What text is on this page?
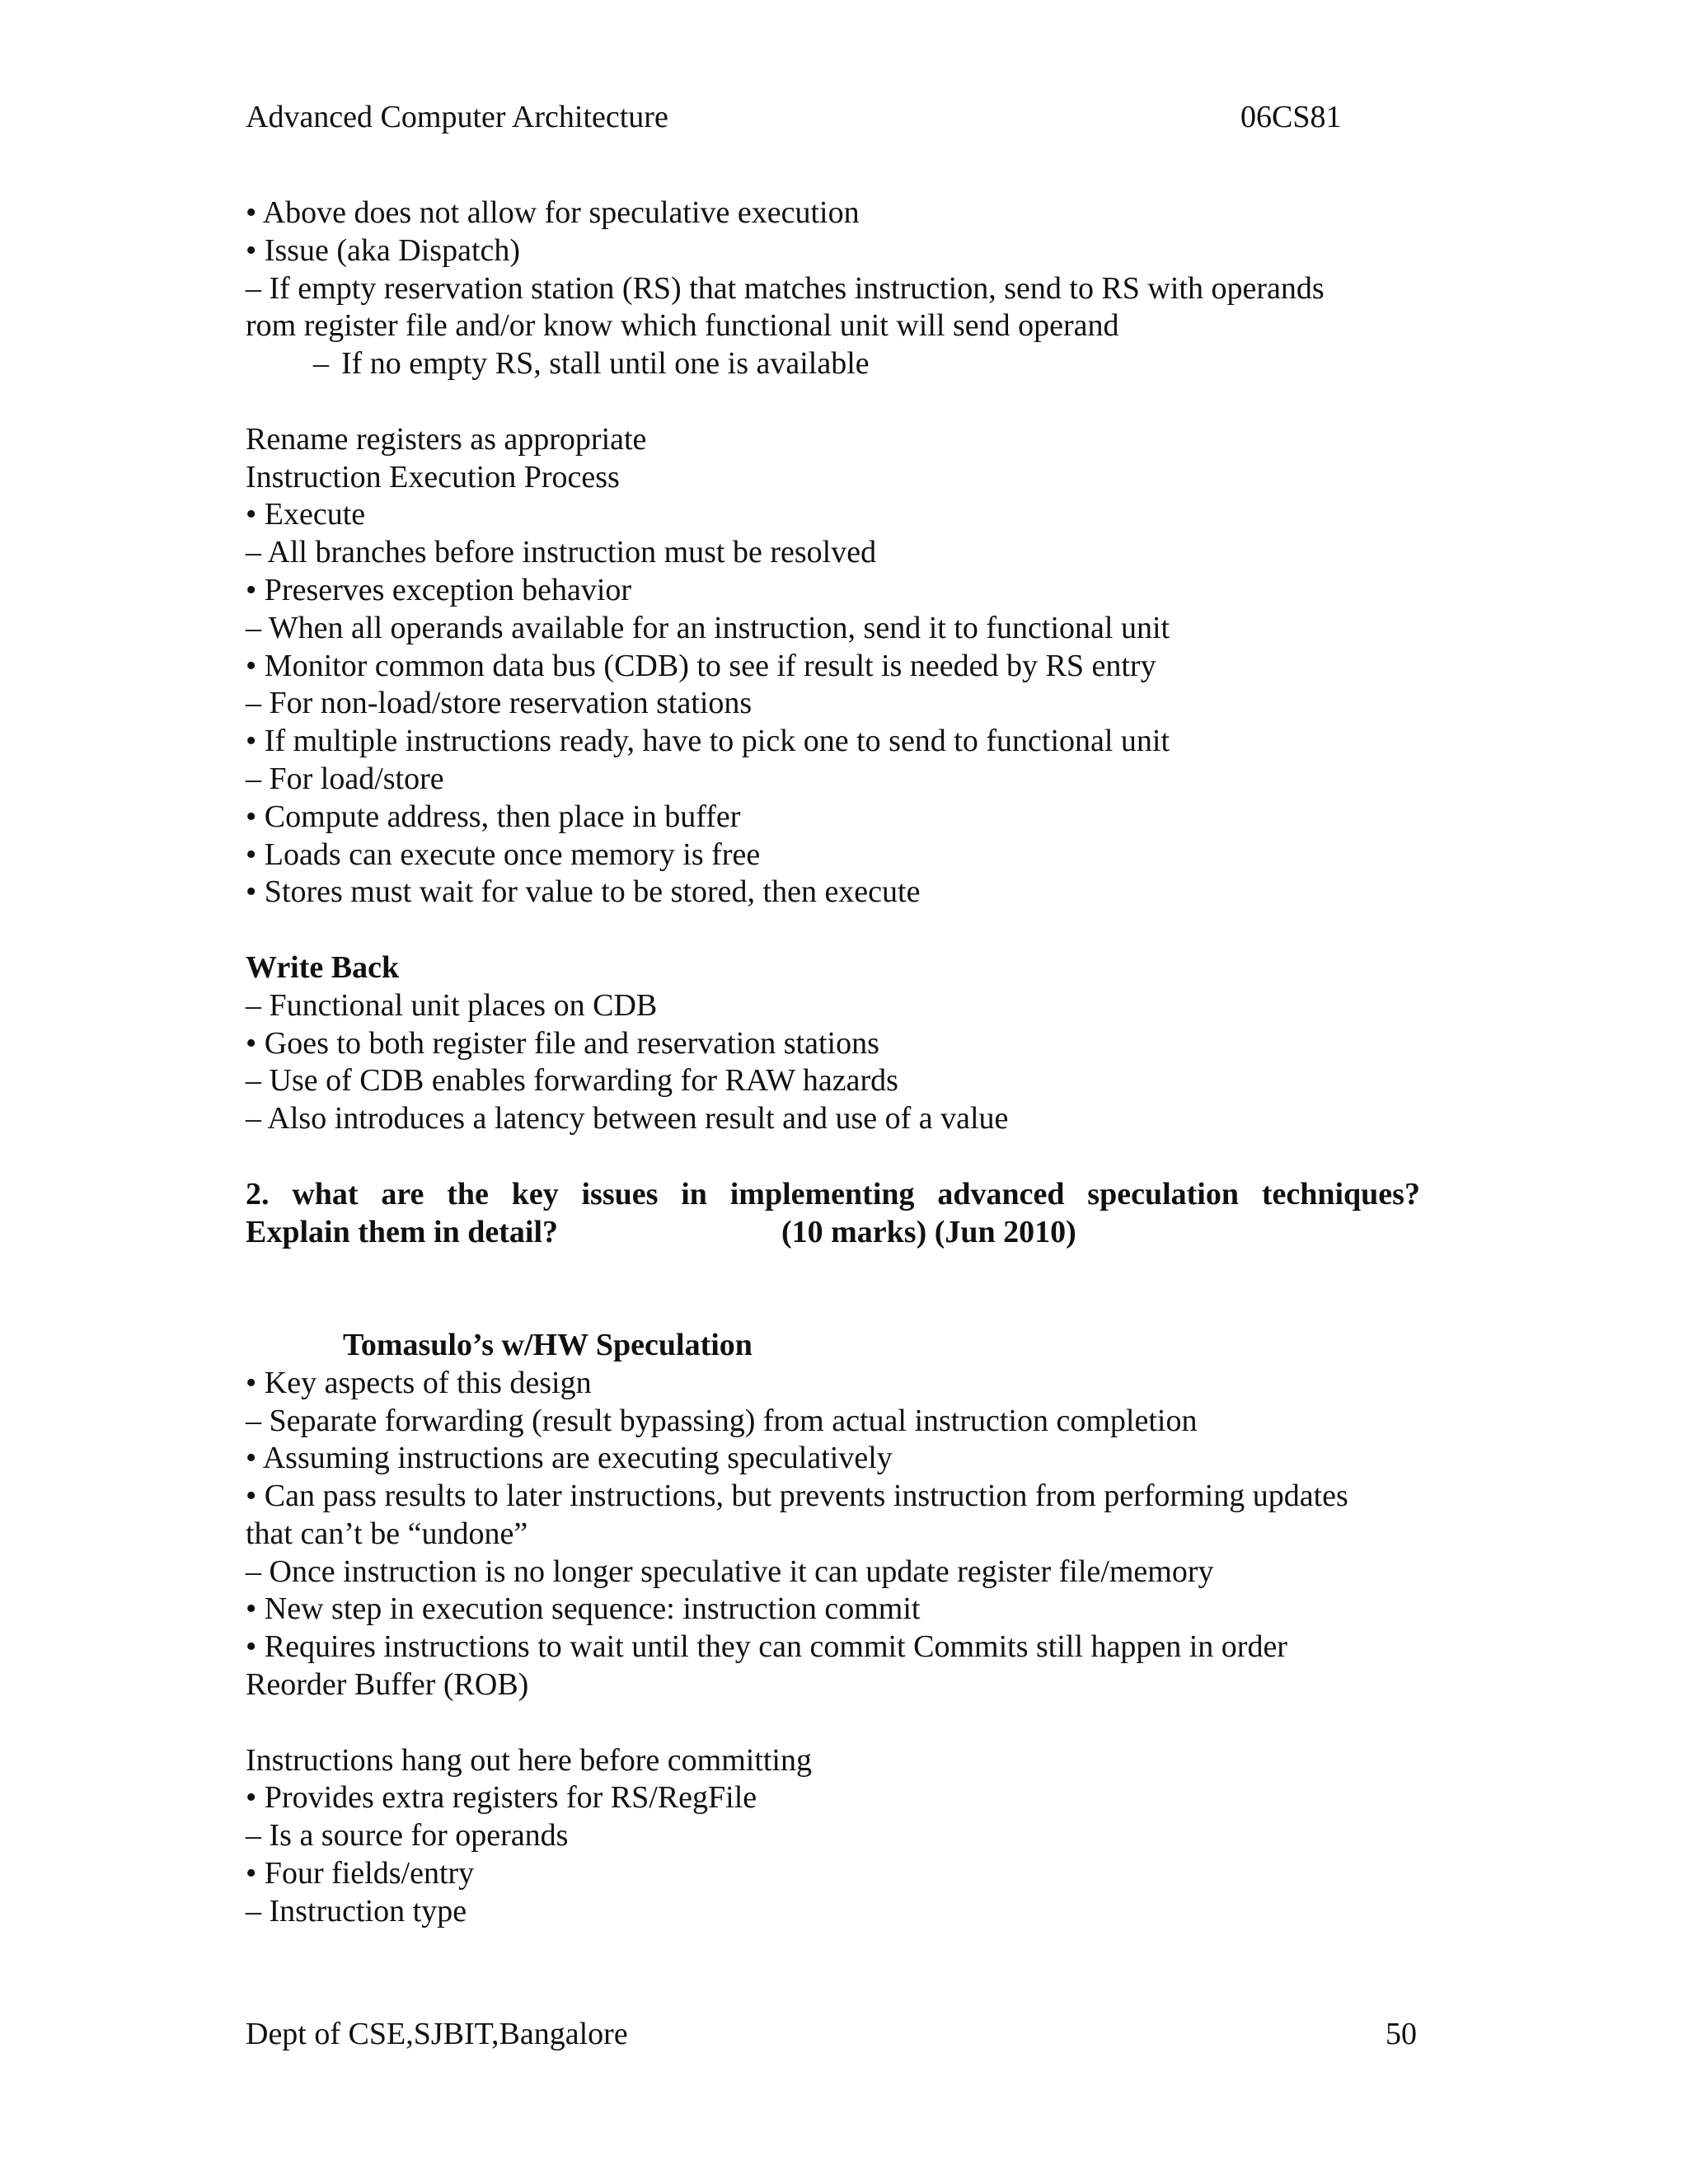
Advanced Computer Architecture	06CS81
• Above does not allow for speculative execution
• Issue (aka Dispatch)
– If empty reservation station (RS) that matches instruction, send to RS with operands
rom register file and/or know which functional unit will send operand
– If no empty RS, stall until one is available
Rename registers as appropriate
Instruction Execution Process
• Execute
– All branches before instruction must be resolved
• Preserves exception behavior
– When all operands available for an instruction, send it to functional unit
• Monitor common data bus (CDB) to see if result is needed by RS entry
– For non-load/store reservation stations
• If multiple instructions ready, have to pick one to send to functional unit
– For load/store
• Compute address, then place in buffer
• Loads can execute once memory is free
• Stores must wait for value to be stored, then execute
Write Back
– Functional unit places on CDB
• Goes to both register file and reservation stations
– Use of CDB enables forwarding for RAW hazards
– Also introduces a latency between result and use of a value
2. what are the key issues in implementing advanced speculation techniques?
Explain them in detail?	(10 marks) (Jun 2010)
Tomasulo’s w/HW Speculation
• Key aspects of this design
– Separate forwarding (result bypassing) from actual instruction completion
• Assuming instructions are executing speculatively
• Can pass results to later instructions, but prevents instruction from performing updates
that can’t be “undone”
– Once instruction is no longer speculative it can update register file/memory
• New step in execution sequence: instruction commit
• Requires instructions to wait until they can commit Commits still happen in order
Reorder Buffer (ROB)
Instructions hang out here before committing
• Provides extra registers for RS/RegFile
– Is a source for operands
• Four fields/entry
– Instruction type
Dept of CSE,SJBIT,Bangalore	50
